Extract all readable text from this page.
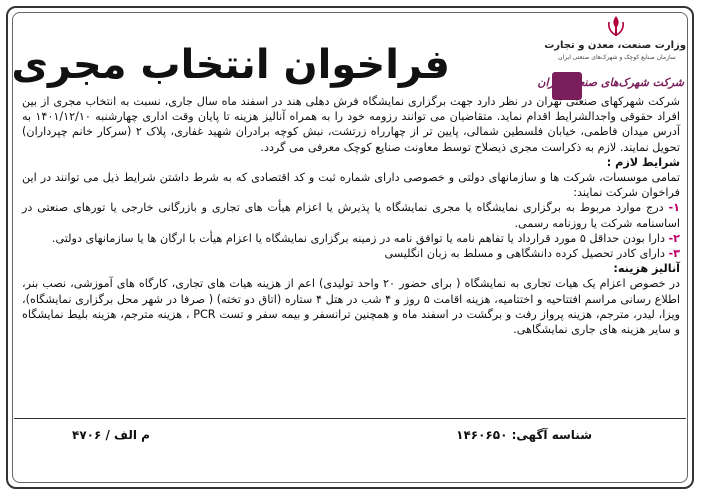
وزارت صنعت، معدن و تجارت
سازمان صنایع کوچک و شهرک‌های صنعتی ایران
شرکت شهرک‌های صنعتی تهران
فراخوان انتخاب مجری

شرکت شهرکهای صنعتی تهران در نظر دارد جهت برگزاری نمایشگاه فرش دهلی هند در اسفند ماه سال جاری، نسبت به انتخاب مجری از بین افراد حقوقی واجدالشرایط اقدام نماید. متقاضیان می توانند رزومه خود را به همراه آنالیز هزینه تا پایان وقت اداری چهارشنبه ۱۴۰۱/۱۲/۱۰ به آدرس میدان فاطمی، خیابان فلسطین شمالی، پایین تر از چهارراه زرتشت، نبش کوچه برادران شهید غفاری، پلاک ۲ (سرکار خانم چپرداران) تحویل نمایند. لازم به ذکراست مجری ذیصلاح توسط معاونت صنایع کوچک معرفی می گردد.

شرایط لازم :

تمامی موسسات، شرکت ها و سازمانهای دولتی و خصوصی دارای شماره ثبت و کد اقتصادی که به شرط داشتن شرایط ذیل می توانند در این فراخوان شرکت نمایند:

۱- درج موارد مربوط به برگزاری نمایشگاه یا مجری نمایشگاه یا پذیرش یا اعزام هیأت های تجاری و بازرگانی خارجی یا تورهای صنعتی در اساسنامه شرکت یا روزنامه رسمی.

۲- دارا بودن حداقل ۵ مورد قرارداد یا تفاهم نامه یا توافق نامه در زمینه برگزاری نمایشگاه یا اعزام هیأت با ارگان ها یا سازمانهای دولتی.

۳- دارای کادر تحصیل کرده دانشگاهی و مسلط به زبان انگلیسی

آنالیز هزینه:

در خصوص اعزام یک هیات تجاری به نمایشگاه ( برای حضور ۲۰ واحد تولیدی) اعم از هزینه هیات های تجاری، کارگاه های آموزشی، نصب بنر، اطلاع رسانی مراسم افتتاحیه و اختتامیه، هزینه اقامت ۵ روز و ۴ شب در هتل ۴ ستاره (اتاق دو تخته) ( صرفا در شهر محل برگزاری نمایشگاه)، ویزا، لیدر، مترجم، هزینه پرواز رفت و برگشت در اسفند ماه و همچنین ترانسفر و بیمه سفر و تست PCR ، هزینه مترجم، هزینه بلیط نمایشگاه و سایر هزینه های جاری نمایشگاهی.

شناسه آگهی: ۱۴۶۰۶۵۰
م الف / ۴۷۰۶
